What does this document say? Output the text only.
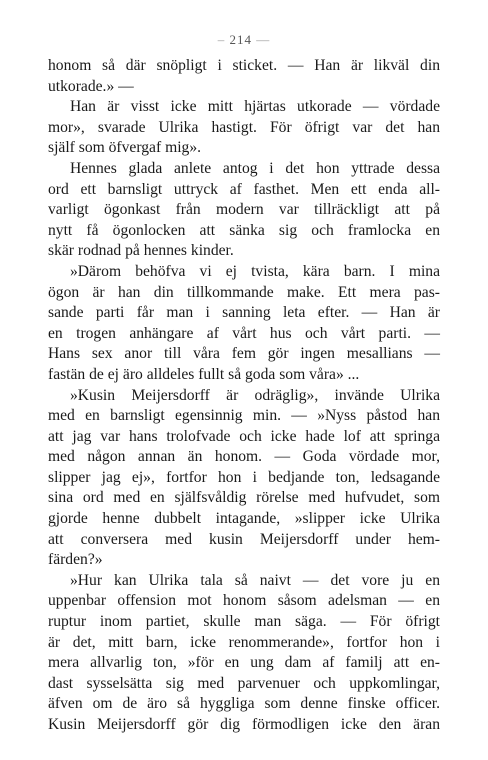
– 214 —
honom så där snöpligt i sticket. — Han är likväl din
utkorade.» —
Han är visst icke mitt hjärtas utkorade — vördade
mor», svarade Ulrika hastigt. För öfrigt var det han
själf som öfvergaf mig».
Hennes glada anlete antog i det hon yttrade dessa
ord ett barnsligt uttryck af fasthet. Men ett enda all-
varligt ögonkast från modern var tillräckligt att på
nytt få ögonlocken att sänka sig och framlocka en
skär rodnad på hennes kinder.
»Därom behöfva vi ej tvista, kära barn. I mina
ögon är han din tillkommande make. Ett mera pas-
sande parti får man i sanning leta efter. — Han är
en trogen anhängare af vårt hus och vårt parti. —
Hans sex anor till våra fem gör ingen mesallians —
fastän de ej äro alldeles fullt så goda som våra» ...
»Kusin Meijersdorff är odräglig», invände Ulrika
med en barnsligt egensinnig min. — »Nyss påstod han
att jag var hans trolofvade och icke hade lof att springa
med någon annan än honom. — Goda vördade mor,
slipper jag ej», fortfor hon i bedjande ton, ledsagande
sina ord med en själfsvåldig rörelse med hufvudet, som
gjorde henne dubbelt intagande, »slipper icke Ulrika
att conversera med kusin Meijersdorff under hem-
färden?»
»Hur kan Ulrika tala så naivt — det vore ju en
uppenbar offension mot honom såsom adelsman — en
ruptur inom partiet, skulle man säga. — För öfrigt
är det, mitt barn, icke renommerande», fortfor hon i
mera allvarlig ton, »för en ung dam af familj att en-
dast sysselsätta sig med parvenuer och uppkomlingar,
äfven om de äro så hyggliga som denne finske officer.
Kusin Meijersdorff gör dig förmodligen icke den äran
